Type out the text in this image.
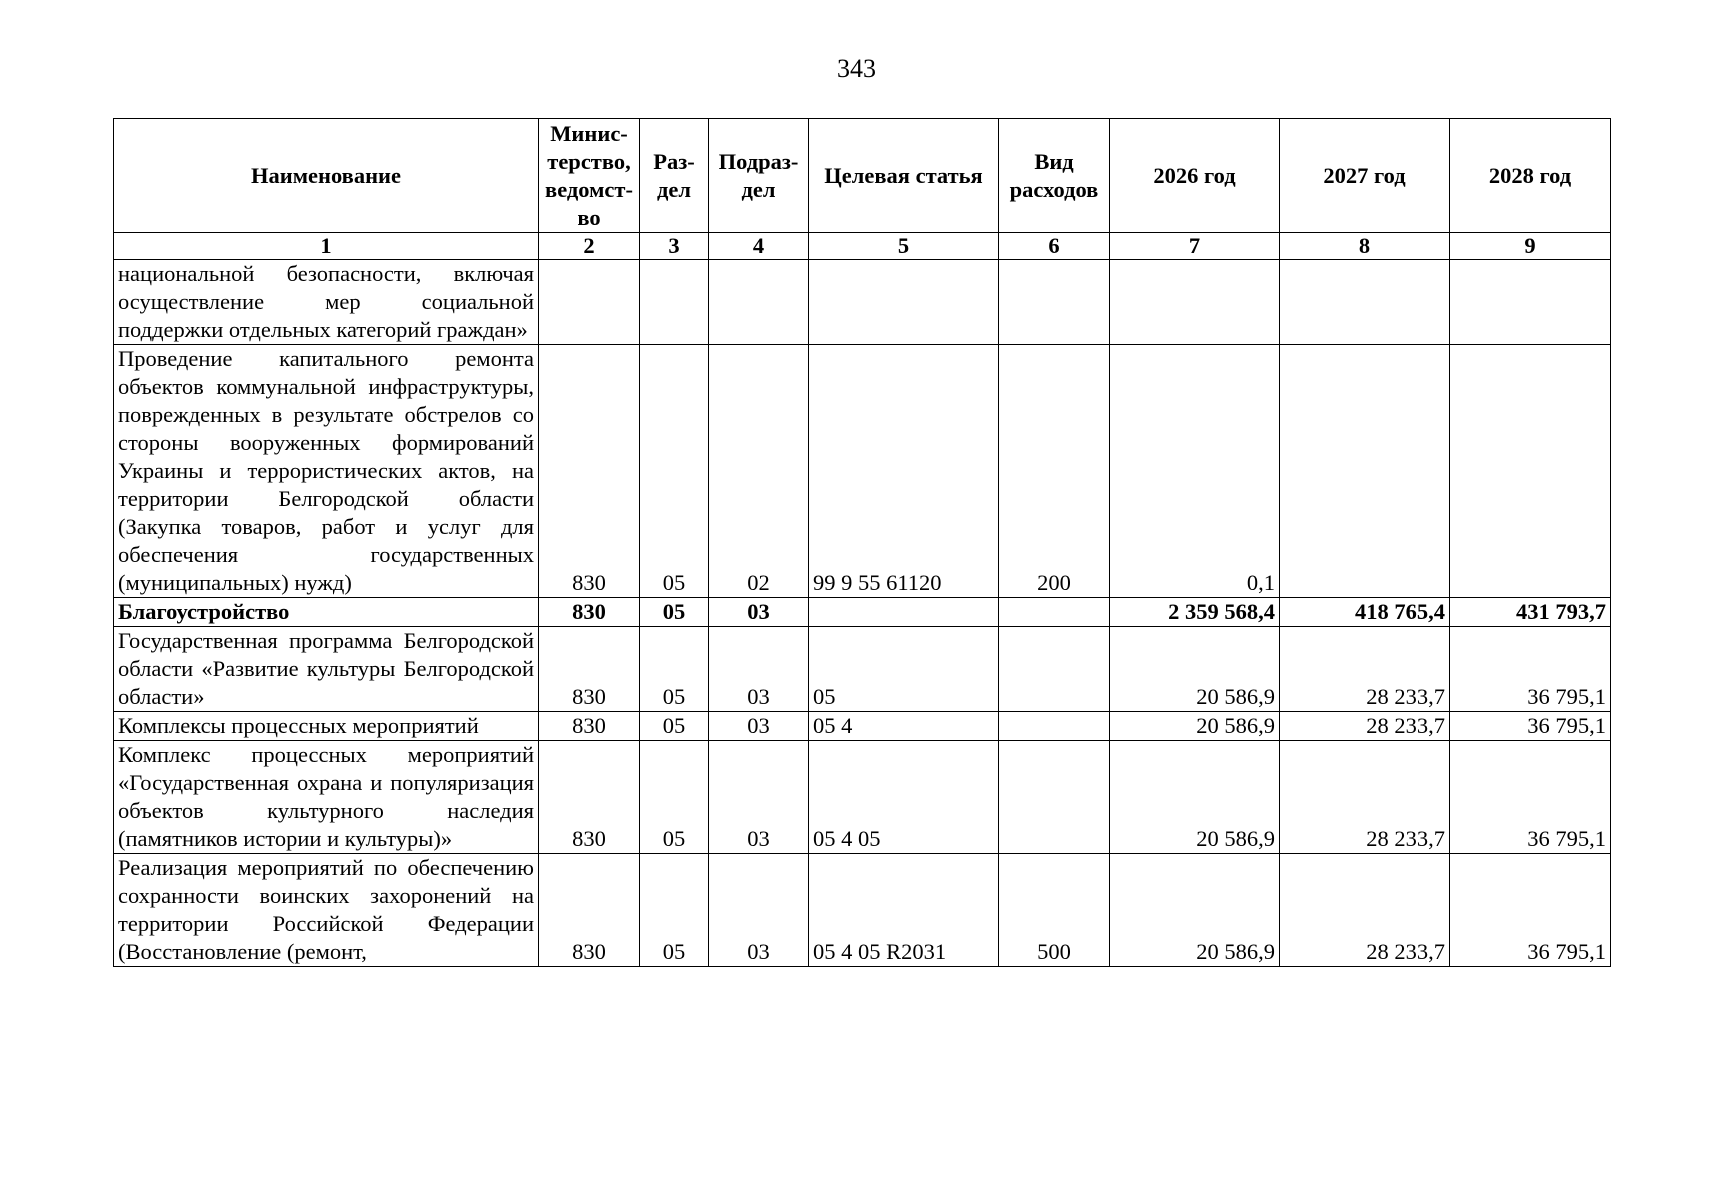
343
Наименование	Минис-терство, ведомст-во	Раз-дел	Подраз-дел	Целевая статья	Вид расходов	2026 год	2027 год	2028 год
1	2	3	4	5	6	7	8	9
национальной безопасности, включая осуществление мер социальной поддержки отдельных категорий граждан»								
Проведение капитального ремонта объектов коммунальной инфраструктуры, поврежденных в результате обстрелов со стороны вооруженных формирований Украины и террористических актов, на территории Белгородской области (Закупка товаров, работ и услуг для обеспечения государственных (муниципальных) нужд)	830	05	02	99 9 55 61120	200	0,1		
Благоустройство	830	05	03			2 359 568,4	418 765,4	431 793,7
Государственная программа Белгородской области «Развитие культуры Белгородской области»	830	05	03	05		20 586,9	28 233,7	36 795,1
Комплексы процессных мероприятий	830	05	03	05 4		20 586,9	28 233,7	36 795,1
Комплекс процессных мероприятий «Государственная охрана и популяризация объектов культурного наследия (памятников истории и культуры)»	830	05	03	05 4 05		20 586,9	28 233,7	36 795,1
Реализация мероприятий по обеспечению сохранности воинских захоронений на территории Российской Федерации (Восстановление (ремонт,	830	05	03	05 4 05 R2031	500	20 586,9	28 233,7	36 795,1
